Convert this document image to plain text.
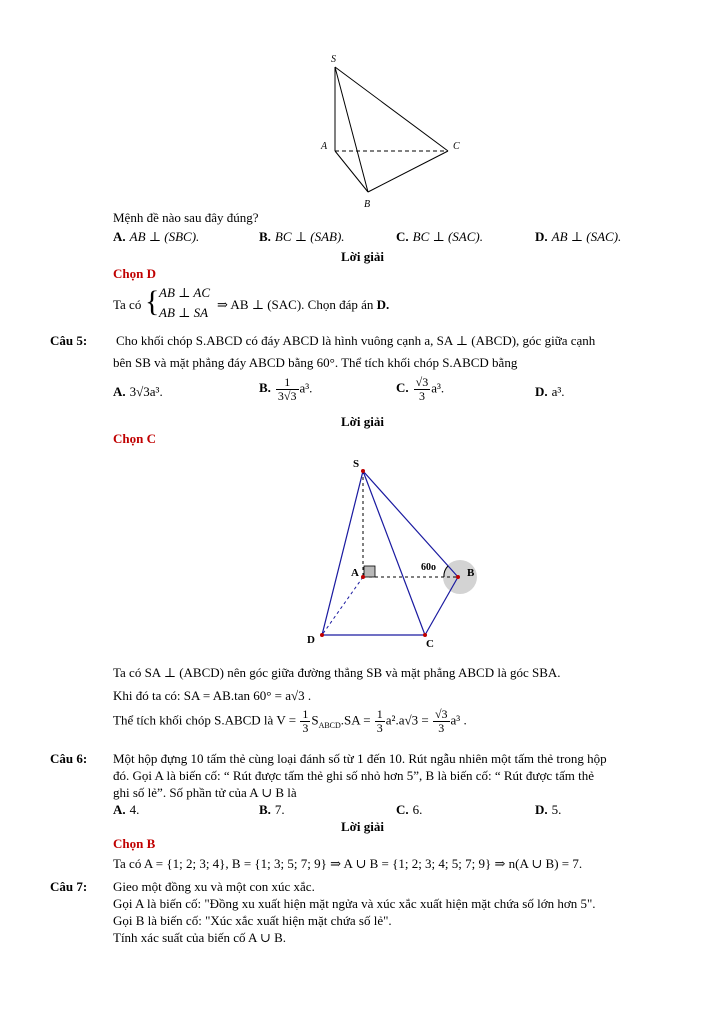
S
A	C
B
Mệnh đề nào sau đây đúng?
A. AB ⊥ (SBC).	B. BC ⊥ (SAB).	C. BC ⊥ (SAC).	D. AB ⊥ (SAC).
Lời giải
Chọn D
Ta có { AB ⊥ AC
AB ⊥ SA
⇒ AB ⊥ (SAC). Chọn đáp án D.
Câu 5: Cho khối chóp S.ABCD có đáy ABCD là hình vuông cạnh a, SA ⊥ (ABCD), góc giữa cạnh
bên SB và mặt phẳng đáy ABCD bằng 60°. Thể tích khối chóp S.ABCD bằng
A. 3√3a³.	B. $\frac{1}{3√3} a^3$.	C. $\frac{√3}{3} a^3$.	D. a³.
Lời giải
Chọn C
S
A	B
C
D
60o
Ta có SA ⊥ (ABCD) nên góc giữa đường thẳng SB và mặt phẳng ABCD là góc SBA.
Khi đó ta có: SA = AB.tan 60° = a√3 .
Thể tích khối chóp S.ABCD là $V = \frac{1}{3} S_{ABCD}.SA = \frac{1}{3} a^2.a√3 = \frac{√3}{3} a^3$ .
Câu 6: Một hộp đựng 10 tấm thẻ cùng loại đánh số từ 1 đến 10. Rút ngẫu nhiên một tấm thẻ trong hộp
đó. Gọi A là biến cố: “ Rút được tấm thẻ ghi số nhỏ hơn 5”, B là biến cố: “ Rút được tấm thẻ
ghi số lẻ”. Số phần tử của A ∪ B là
A. 4.	B. 7.	C. 6.	D. 5.
Lời giải
Chọn B
Ta có A = {1; 2; 3; 4}, B = {1; 3; 5; 7; 9} ⇒ A ∪ B = {1; 2; 3; 4; 5; 7; 9} ⇒ n(A ∪ B) = 7.
Câu 7: Gieo một đồng xu và một con xúc xắc.
Gọi A là biến cố: "Đồng xu xuất hiện mặt ngửa và xúc xắc xuất hiện mặt chứa số lớn hơn 5".
Gọi B là biến cố: "Xúc xắc xuất hiện mặt chứa số lẻ".
Tính xác suất của biến cố A ∪ B.
